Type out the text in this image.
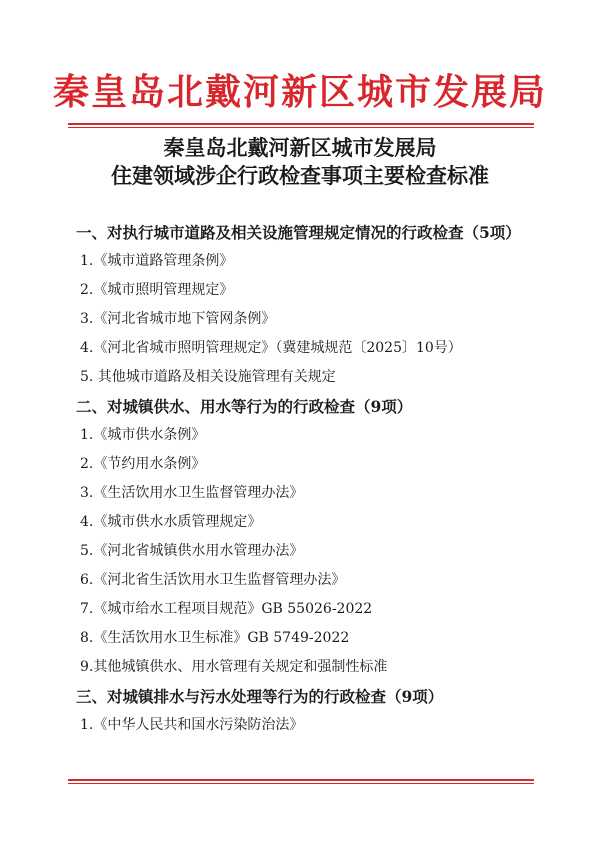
秦皇岛北戴河新区城市发展局
秦皇岛北戴河新区城市发展局
住建领域涉企行政检查事项主要检查标准
一、对执行城市道路及相关设施管理规定情况的行政检查（5项）
1.《城市道路管理条例》
2.《城市照明管理规定》
3.《河北省城市地下管网条例》
4.《河北省城市照明管理规定》（冀建城规范〔2025〕10号）
5. 其他城市道路及相关设施管理有关规定
二、对城镇供水、用水等行为的行政检查（9项）
1.《城市供水条例》
2.《节约用水条例》
3.《生活饮用水卫生监督管理办法》
4.《城市供水水质管理规定》
5.《河北省城镇供水用水管理办法》
6.《河北省生活饮用水卫生监督管理办法》
7.《城市给水工程项目规范》GB 55026-2022
8.《生活饮用水卫生标准》GB 5749-2022
9.其他城镇供水、用水管理有关规定和强制性标准
三、对城镇排水与污水处理等行为的行政检查（9项）
1.《中华人民共和国水污染防治法》
